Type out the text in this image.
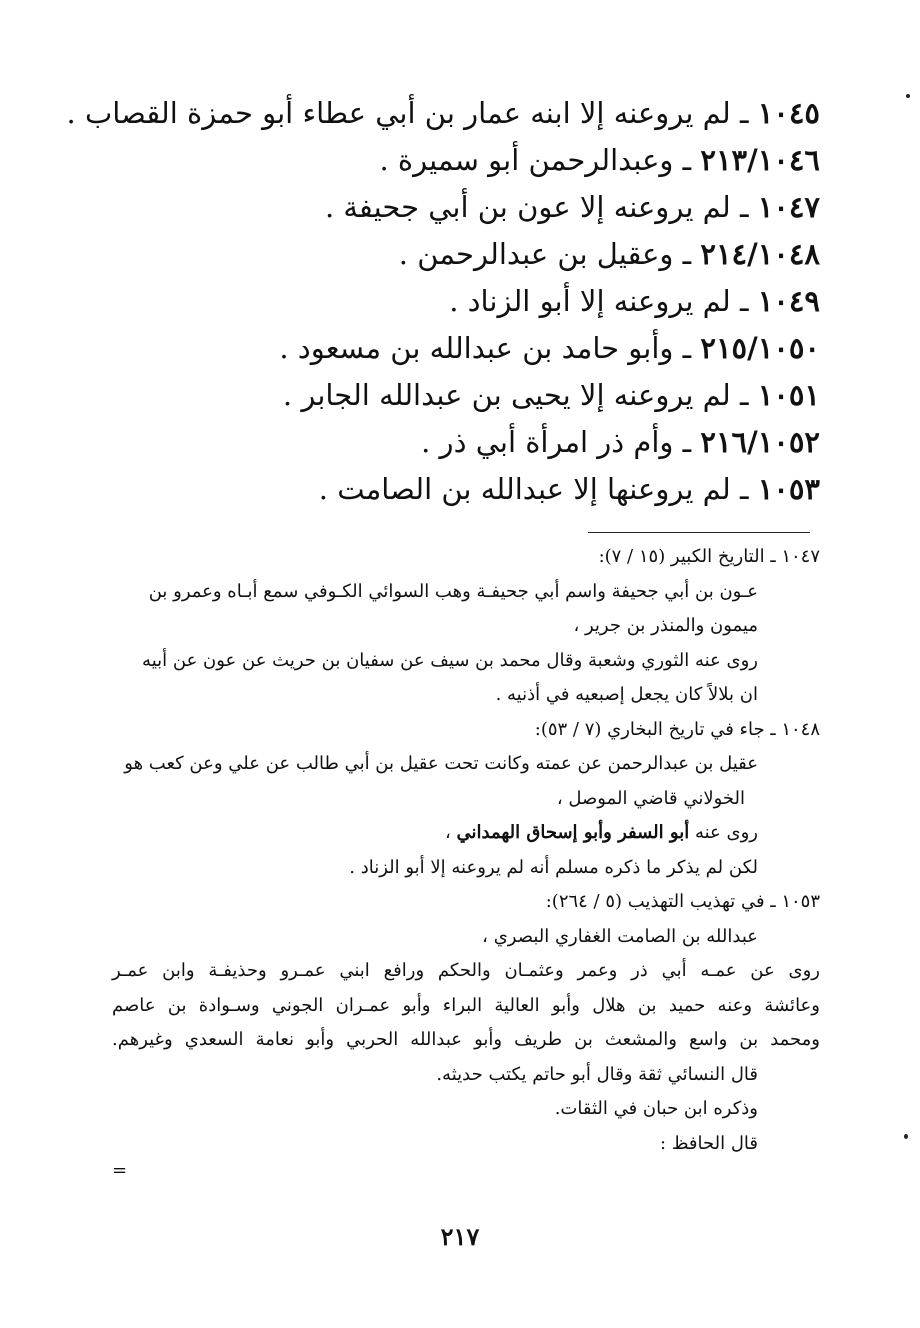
١٠٤٥ ـ لم يروعنه إلا ابنه عمار بن أبي عطاء أبو حمزة القصاب .
٢١٣/١٠٤٦ ـ وعبدالرحمن أبو سميرة .
١٠٤٧ ـ لم يروعنه إلا عون بن أبي جحيفة .
٢١٤/١٠٤٨ ـ وعقيل بن عبدالرحمن .
١٠٤٩ ـ لم يروعنه إلا أبو الزناد .
٢١٥/١٠٥٠ ـ وأبو حامد بن عبدالله بن مسعود .
١٠٥١ ـ لم يروعنه إلا يحيى بن عبدالله الجابر .
٢١٦/١٠٥٢ ـ وأم ذر امرأة أبي ذر .
١٠٥٣ ـ لم يروعنها إلا عبدالله بن الصامت .
١٠٤٧ ـ التاريخ الكبير (١٥ / ٧):
عـون بن أبي جحيفة واسم أبي جحيفـة وهب السوائي الكـوفي سمع أبـاه وعمرو بن
ميمون والمنذر بن جرير ،
روى عنه الثوري وشعبة وقال محمد بن سيف عن سفيان بن حريث عن عون عن أبيه
ان بلالاً كان يجعل إصبعيه في أذنيه .
١٠٤٨ ـ جاء في تاريخ البخاري (٧ / ٥٣):
عقيل بن عبدالرحمن عن عمته وكانت تحت عقيل بن أبي طالب عن علي وعن كعب هو
الخولاني قاضي الموصل ،
روى عنه أبو السفر وأبو إسحاق الهمداني ،
لكن لم يذكر ما ذكره مسلم أنه لم يروعنه إلا أبو الزناد .
١٠٥٣ ـ في تهذيب التهذيب (٥ / ٢٦٤):
عبدالله بن الصامت الغفاري البصري ،
روى عن عمـه أبي ذر وعمر وعثمـان والحكم ورافع ابني عمـرو وحذيفـة وابن عمـر
وعائشة وعنه حميد بن هلال وأبو العالية البراء وأبو عمـران الجوني وسـوادة بن عاصم
ومحمد بن واسع والمشعث بن طريف وأبو عبدالله الحربي وأبو نعامة السعدي وغيرهم.
قال النسائي ثقة وقال أبو حاتم يكتب حديثه.
وذكره ابن حبان في الثقات.
قال الحافظ :
=
٢١٧
